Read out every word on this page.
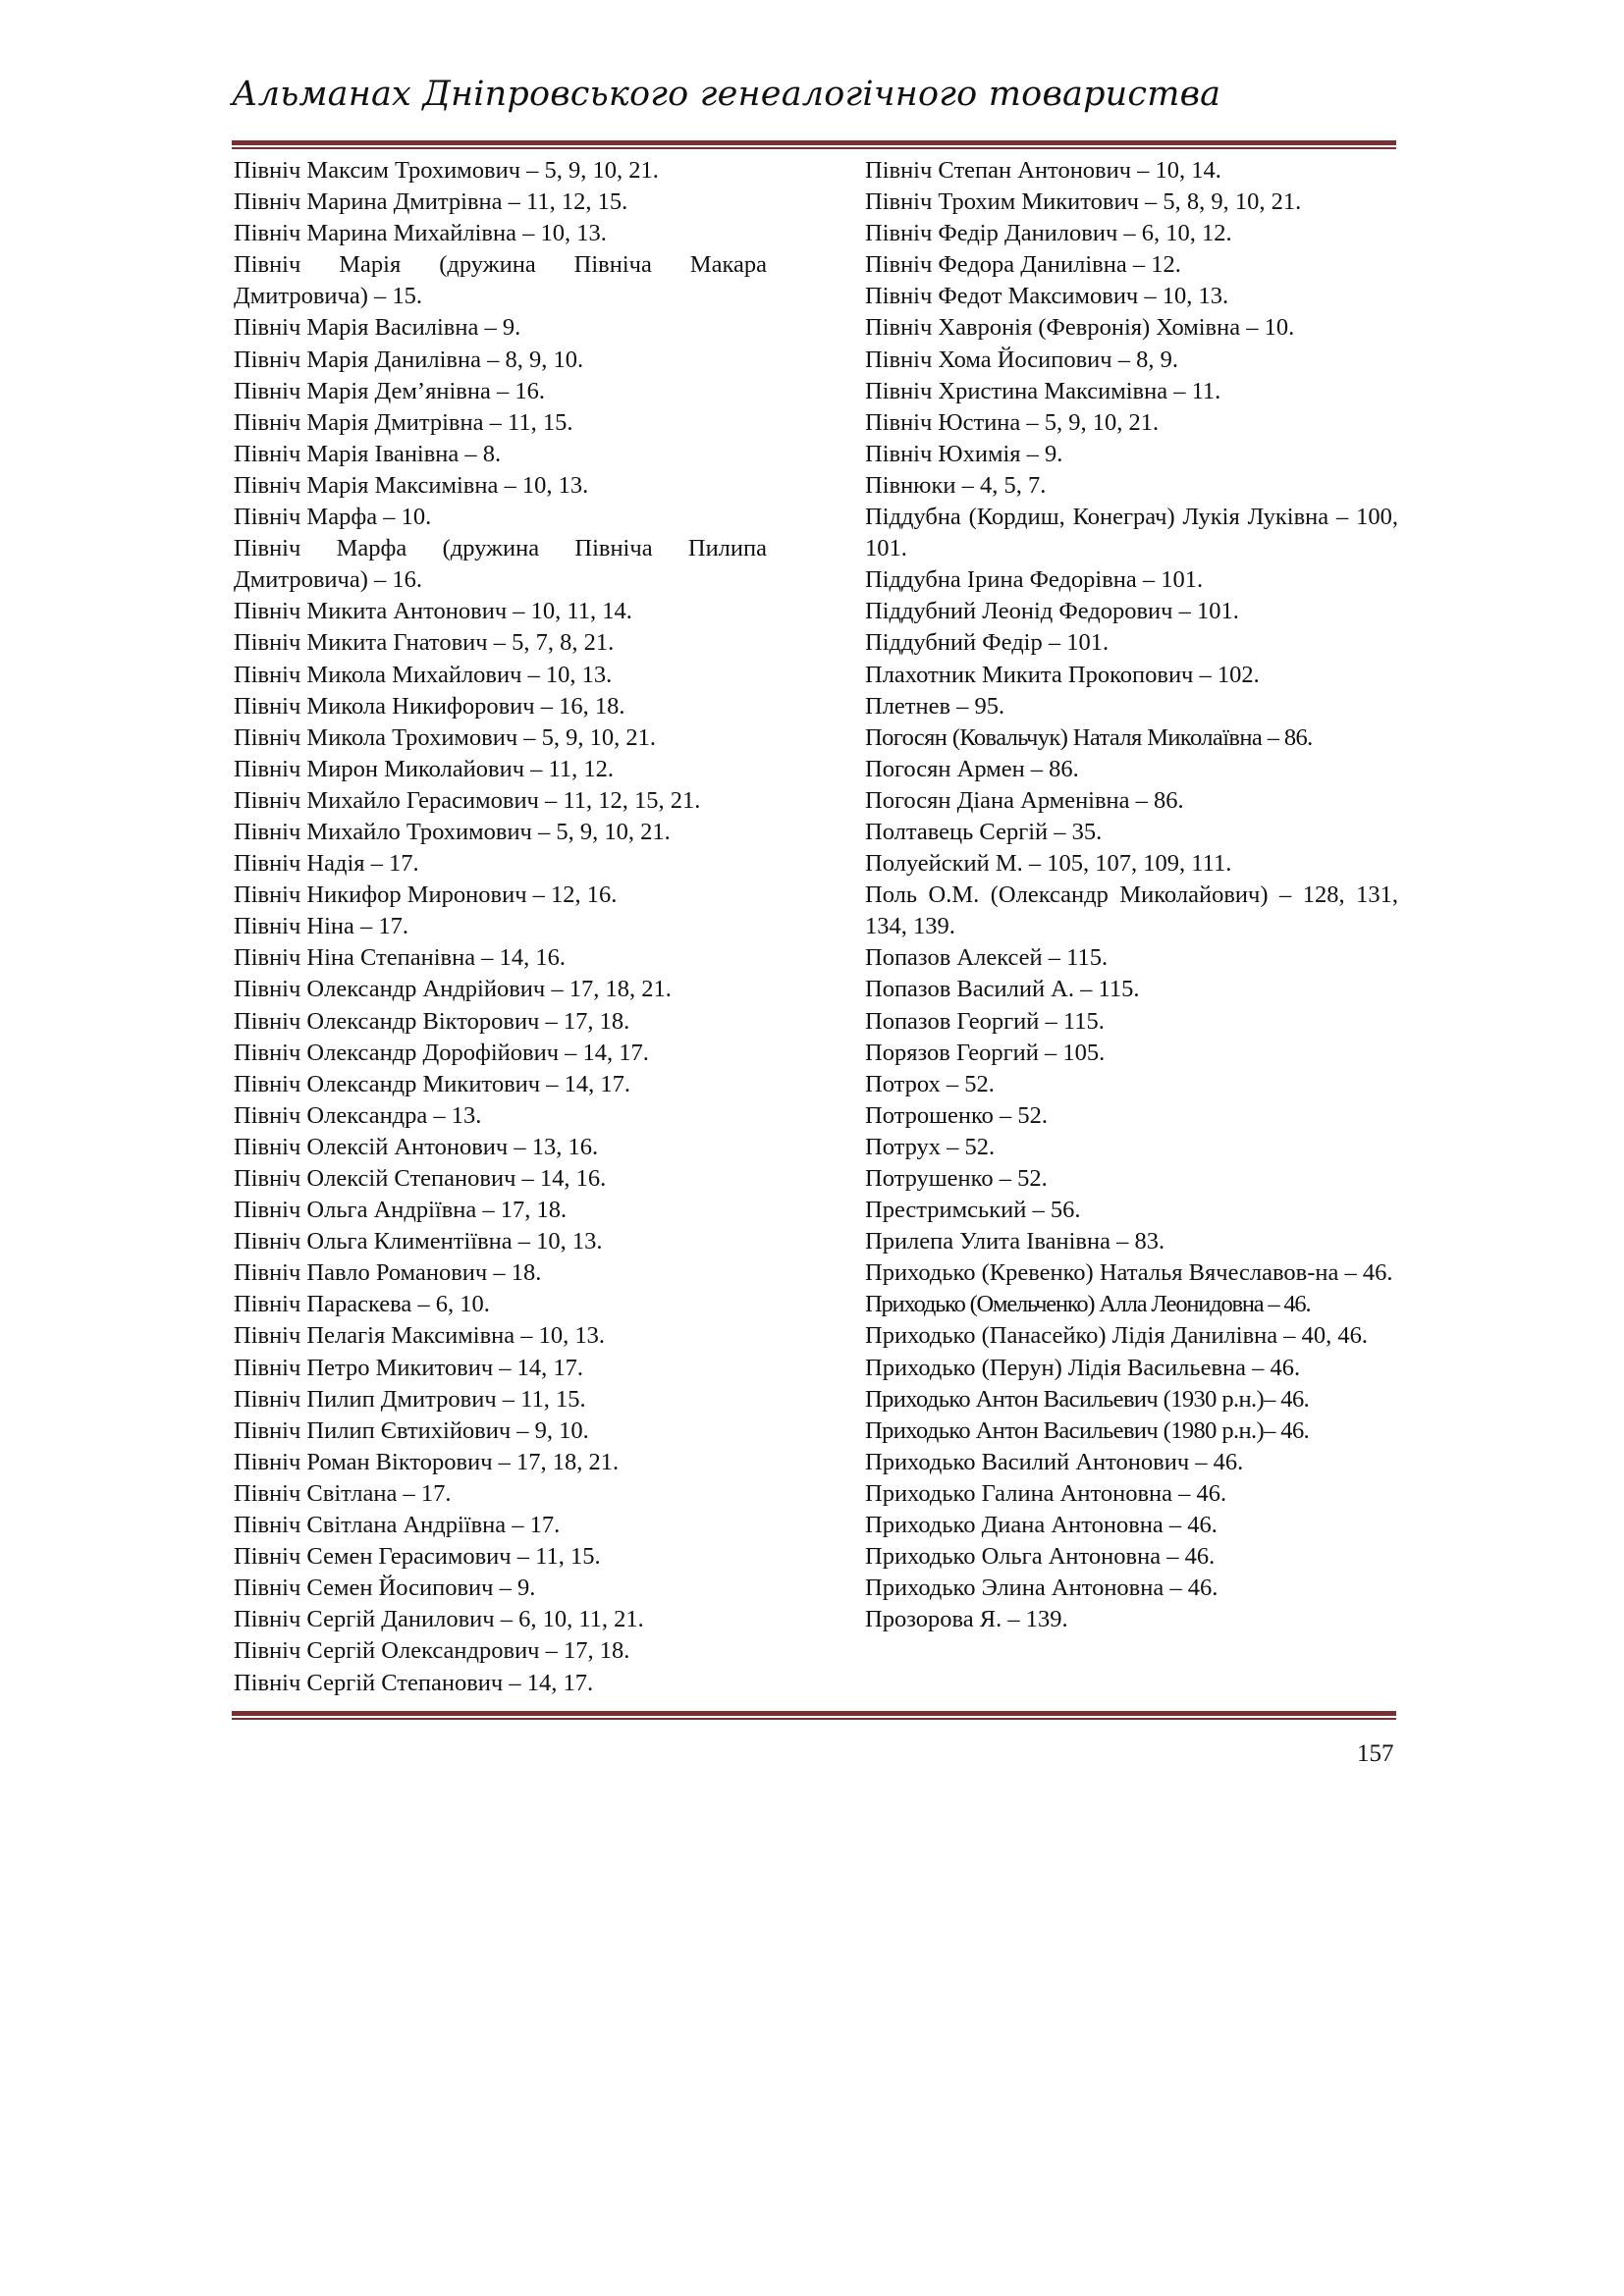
Альманах Дніпровського генеалогічного товариства
Північ Максим Трохимович – 5, 9, 10, 21.
Північ Марина Дмитрівна – 11, 12, 15.
Північ Марина Михайлівна – 10, 13.
Північ Марія (дружина Північа Макара Дмитровича) – 15.
Північ Марія Василівна – 9.
Північ Марія Данилівна – 8, 9, 10.
Північ Марія Дем’янівна – 16.
Північ Марія Дмитрівна – 11, 15.
Північ Марія Іванівна – 8.
Північ Марія Максимівна – 10, 13.
Північ Марфа – 10.
Північ Марфа (дружина Північа Пилипа Дмитровича) – 16.
Північ Микита Антонович – 10, 11, 14.
Північ Микита Гнатович – 5, 7, 8, 21.
Північ Микола Михайлович – 10, 13.
Північ Микола Никифорович – 16, 18.
Північ Микола Трохимович – 5, 9, 10, 21.
Північ Мирон Миколайович – 11, 12.
Північ Михайло Герасимович – 11, 12, 15, 21.
Північ Михайло Трохимович – 5, 9, 10, 21.
Північ Надія – 17.
Північ Никифор Миронович – 12, 16.
Північ Ніна – 17.
Північ Ніна Степанівна – 14, 16.
Північ Олександр Андрійович – 17, 18, 21.
Північ Олександр Вікторович – 17, 18.
Північ Олександр Дорофійович – 14, 17.
Північ Олександр Микитович – 14, 17.
Північ Олександра – 13.
Північ Олексій Антонович – 13, 16.
Північ Олексій Степанович – 14, 16.
Північ Ольга Андріївна – 17, 18.
Північ Ольга Климентіївна – 10, 13.
Північ Павло Романович – 18.
Північ Параскева – 6, 10.
Північ Пелагія Максимівна – 10, 13.
Північ Петро Микитович – 14, 17.
Північ Пилип Дмитрович – 11, 15.
Північ Пилип Євтихійович – 9, 10.
Північ Роман Вікторович – 17, 18, 21.
Північ Світлана – 17.
Північ Світлана Андріївна – 17.
Північ Семен Герасимович – 11, 15.
Північ Семен Йосипович – 9.
Північ Сергій Данилович – 6, 10, 11, 21.
Північ Сергій Олександрович – 17, 18.
Північ Сергій Степанович – 14, 17.
Північ Степан Антонович – 10, 14.
Північ Трохим Микитович – 5, 8, 9, 10, 21.
Північ Федір Данилович – 6, 10, 12.
Північ Федора Данилівна – 12.
Північ Федот Максимович – 10, 13.
Північ Хавронія (Февронія) Хомівна – 10.
Північ Хома Йосипович – 8, 9.
Північ Христина Максимівна – 11.
Північ Юстина – 5, 9, 10, 21.
Північ Юхимія – 9.
Півнюки – 4, 5, 7.
Піддубна (Кордиш, Конеграч) Лукія Луківна – 100, 101.
Піддубна Ірина Федорівна – 101.
Піддубний Леонід Федорович – 101.
Піддубний Федір – 101.
Плахотник Микита Прокопович – 102.
Плетнев – 95.
Погосян (Ковальчук) Наталя Миколаївна – 86.
Погосян Армен – 86.
Погосян Діана Арменівна – 86.
Полтавець Сергій – 35.
Полуейский М. – 105, 107, 109, 111.
Поль О.М. (Олександр Миколайович) – 128, 131, 134, 139.
Попазов Алексей – 115.
Попазов Василий А. – 115.
Попазов Георгий – 115.
Порязов Георгий – 105.
Потрох – 52.
Потрошенко – 52.
Потрух – 52.
Потрушенко – 52.
Престримський – 56.
Прилепа Улита Іванівна – 83.
Приходько (Кревенко) Наталья Вячеславов-на – 46.
Приходько (Омельченко) Алла Леонидовна – 46.
Приходько (Панасейко) Лідія Данилівна – 40, 46.
Приходько (Перун) Лідія Васильевна – 46.
Приходько Антон Васильевич (1930 р.н.)– 46.
Приходько Антон Васильевич (1980 р.н.)– 46.
Приходько Василий Антонович – 46.
Приходько Галина Антоновна – 46.
Приходько Диана Антоновна – 46.
Приходько Ольга Антоновна – 46.
Приходько Элина Антоновна – 46.
Прозорова Я. – 139.
157
